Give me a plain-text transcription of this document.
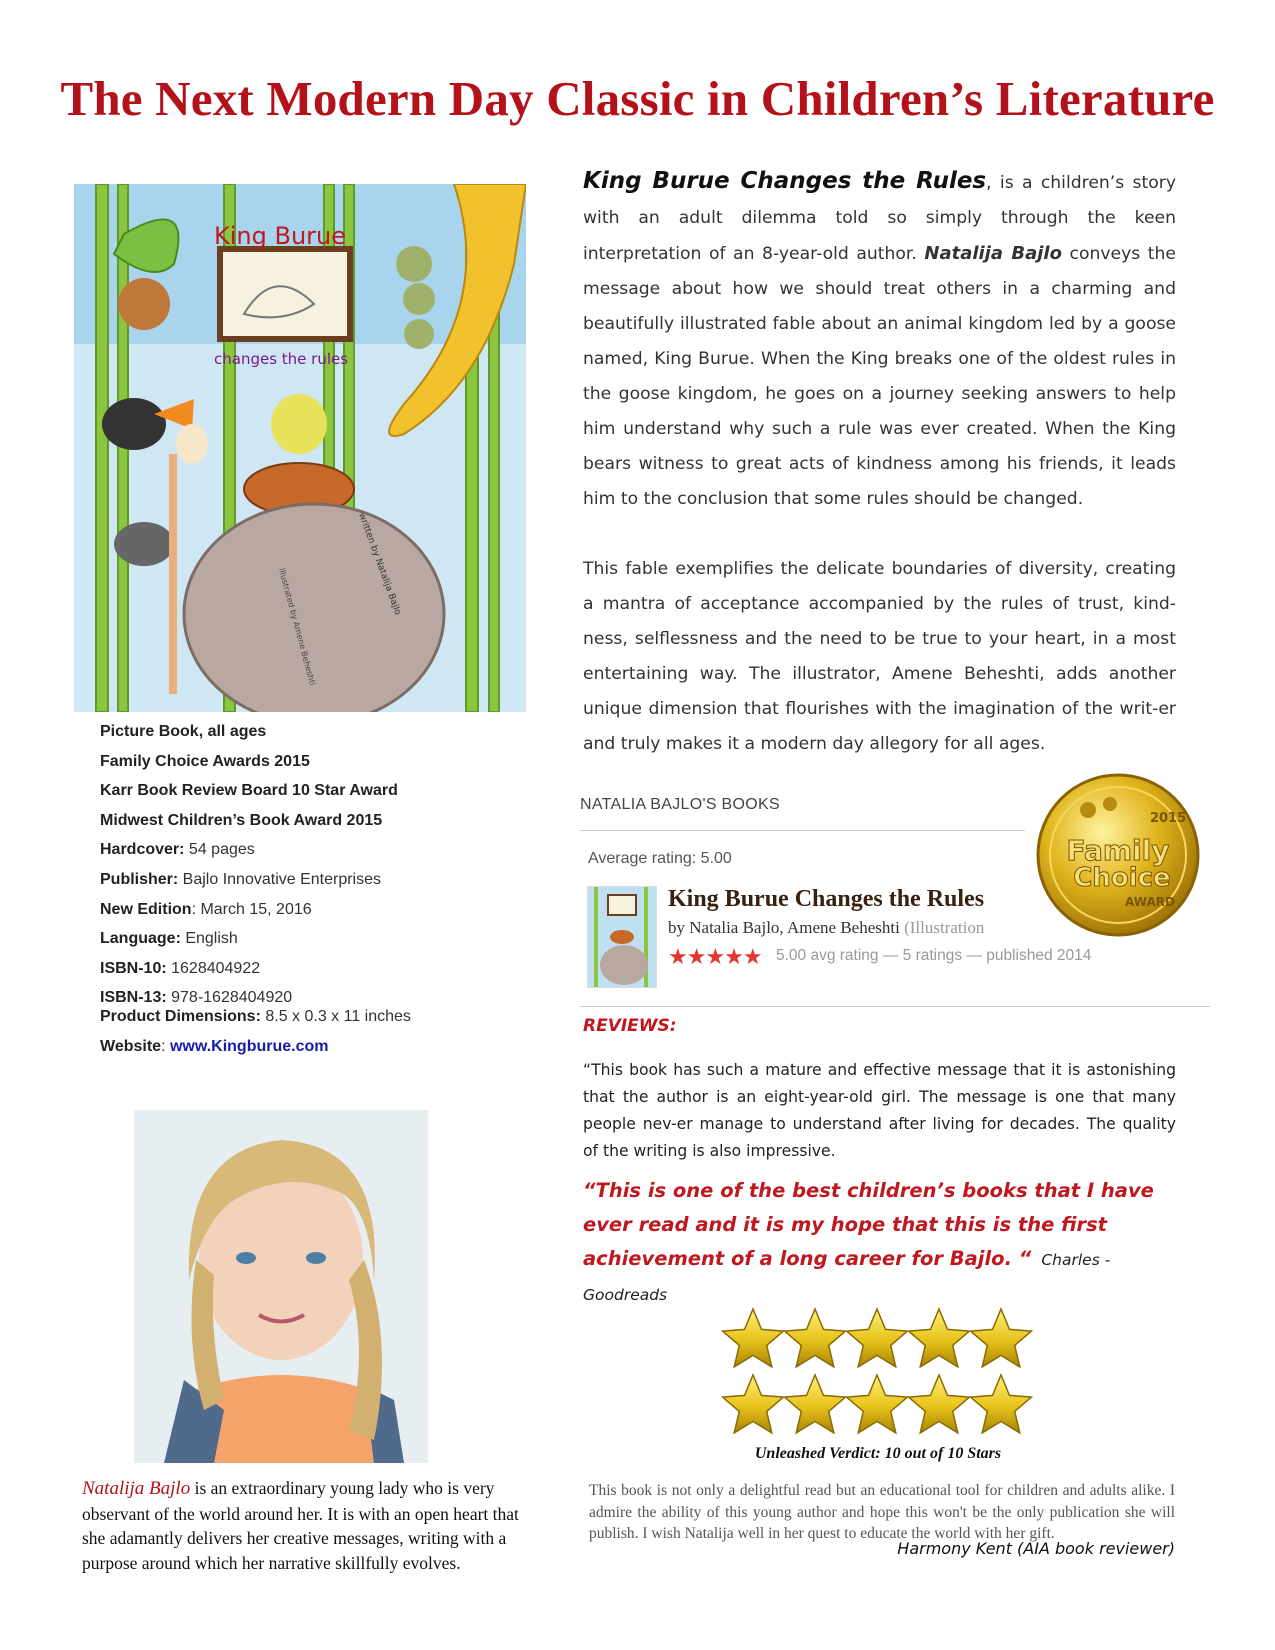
The Next Modern Day Classic in Children’s Literature
King Burue
changes the rules
written by Natalija Bajlo
illustrated by Amene Beheshti
Picture Book, all ages
Family Choice Awards 2015
Karr Book Review Board 10 Star Award
Midwest Children’s Book Award 2015
Hardcover: 54 pages
Publisher: Bajlo Innovative Enterprises
New Edition: March 15, 2016
Language: English
ISBN-10: 1628404922
ISBN-13: 978-1628404920
Product Dimensions: 8.5 x 0.3 x 11 inches
Website: www.Kingburue.com
Natalija Bajlo is an extraordinary young lady who is very observant of the world around her. It is with an open heart that she adamantly delivers her creative messages, writing with a purpose around which her narrative skillfully evolves.

King Burue Changes the Rules, is a children’s story with an adult dilemma told so simply through the keen interpretation of an 8-year-old author. Natalija Bajlo conveys the message about how we should treat others in a charming and beautifully illustrated fable about an animal kingdom led by a goose named, King Burue. When the King breaks one of the oldest rules in the goose kingdom, he goes on a journey seeking answers to help him understand why such a rule was ever created. When the King bears witness to great acts of kindness among his friends, it leads him to the conclusion that some rules should be changed.

This fable exemplifies the delicate boundaries of diversity, creating a mantra of acceptance accompanied by the rules of trust, kind-ness, selflessness and the need to be true to your heart, in a most entertaining way. The illustrator, Amene Beheshti, adds another unique dimension that flourishes with the imagination of the writ-er and truly makes it a modern day allegory for all ages.

NATALIA BAJLO'S BOOKS
Average rating: 5.00
King Burue Changes the Rules
by Natalia Bajlo, Amene Beheshti (Illustration
★★★★★ 5.00 avg rating — 5 ratings — published 2014
2015
Family
Choice
AWARD
REVIEWS:
“This book has such a mature and effective message that it is astonishing that the author is an eight-year-old girl. The message is one that many people nev-er manage to understand after living for decades. The quality of the writing is also impressive.
“This is one of the best children’s books that I have ever read and it is my hope that this is the first achievement of a long career for Bajlo. “ Charles -Goodreads
Unleashed Verdict: 10 out of 10 Stars
This book is not only a delightful read but an educational tool for children and adults alike. I admire the ability of this young author and hope this won't be the only publication she will publish. I wish Natalija well in her quest to educate the world with her gift.
Harmony Kent (AIA book reviewer)
